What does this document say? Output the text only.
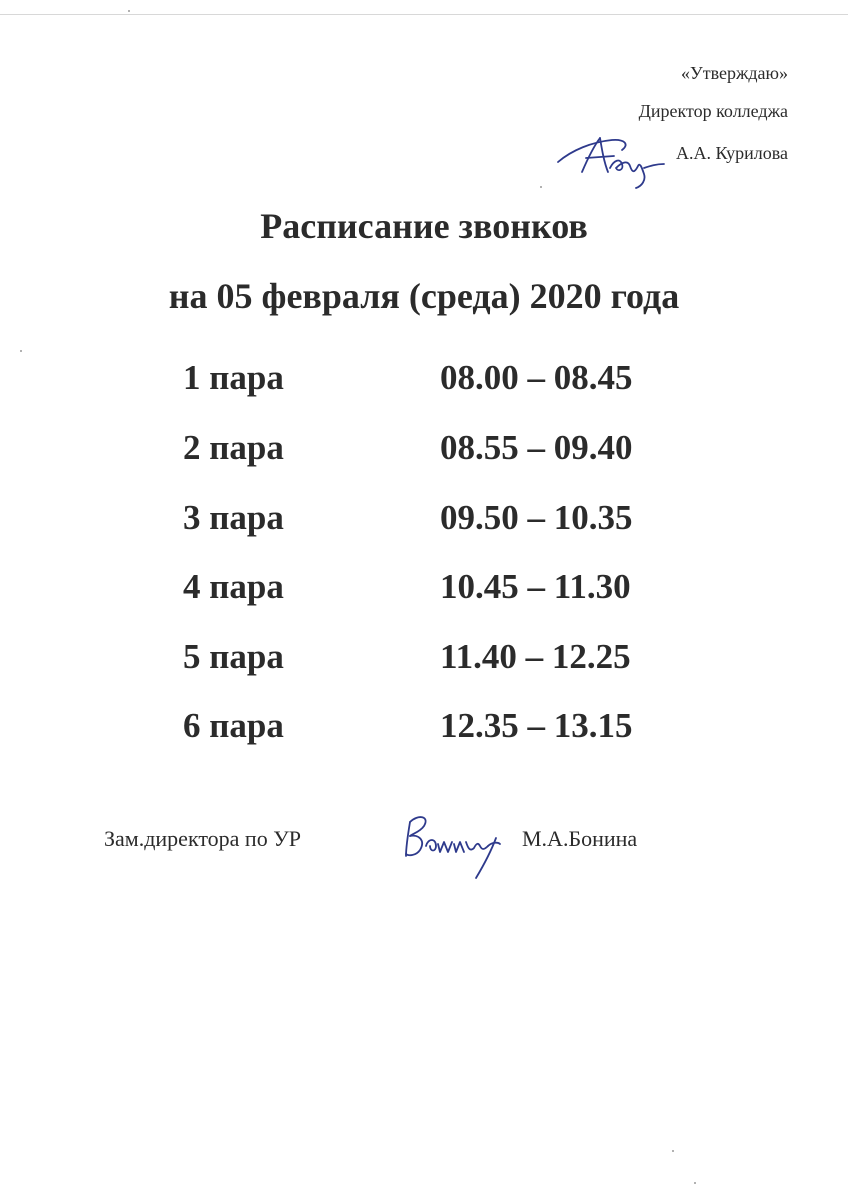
«Утверждаю»
Директор колледжа
А.А. Курилова
Расписание звонков
на 05 февраля (среда) 2020 года
1 пара	08.00 – 08.45
2 пара	08.55 – 09.40
3 пара	09.50 – 10.35
4 пара	10.45 – 11.30
5 пара	11.40 – 12.25
6 пара	12.35 – 13.15
Зам.директора по УР	М.А.Бонина
